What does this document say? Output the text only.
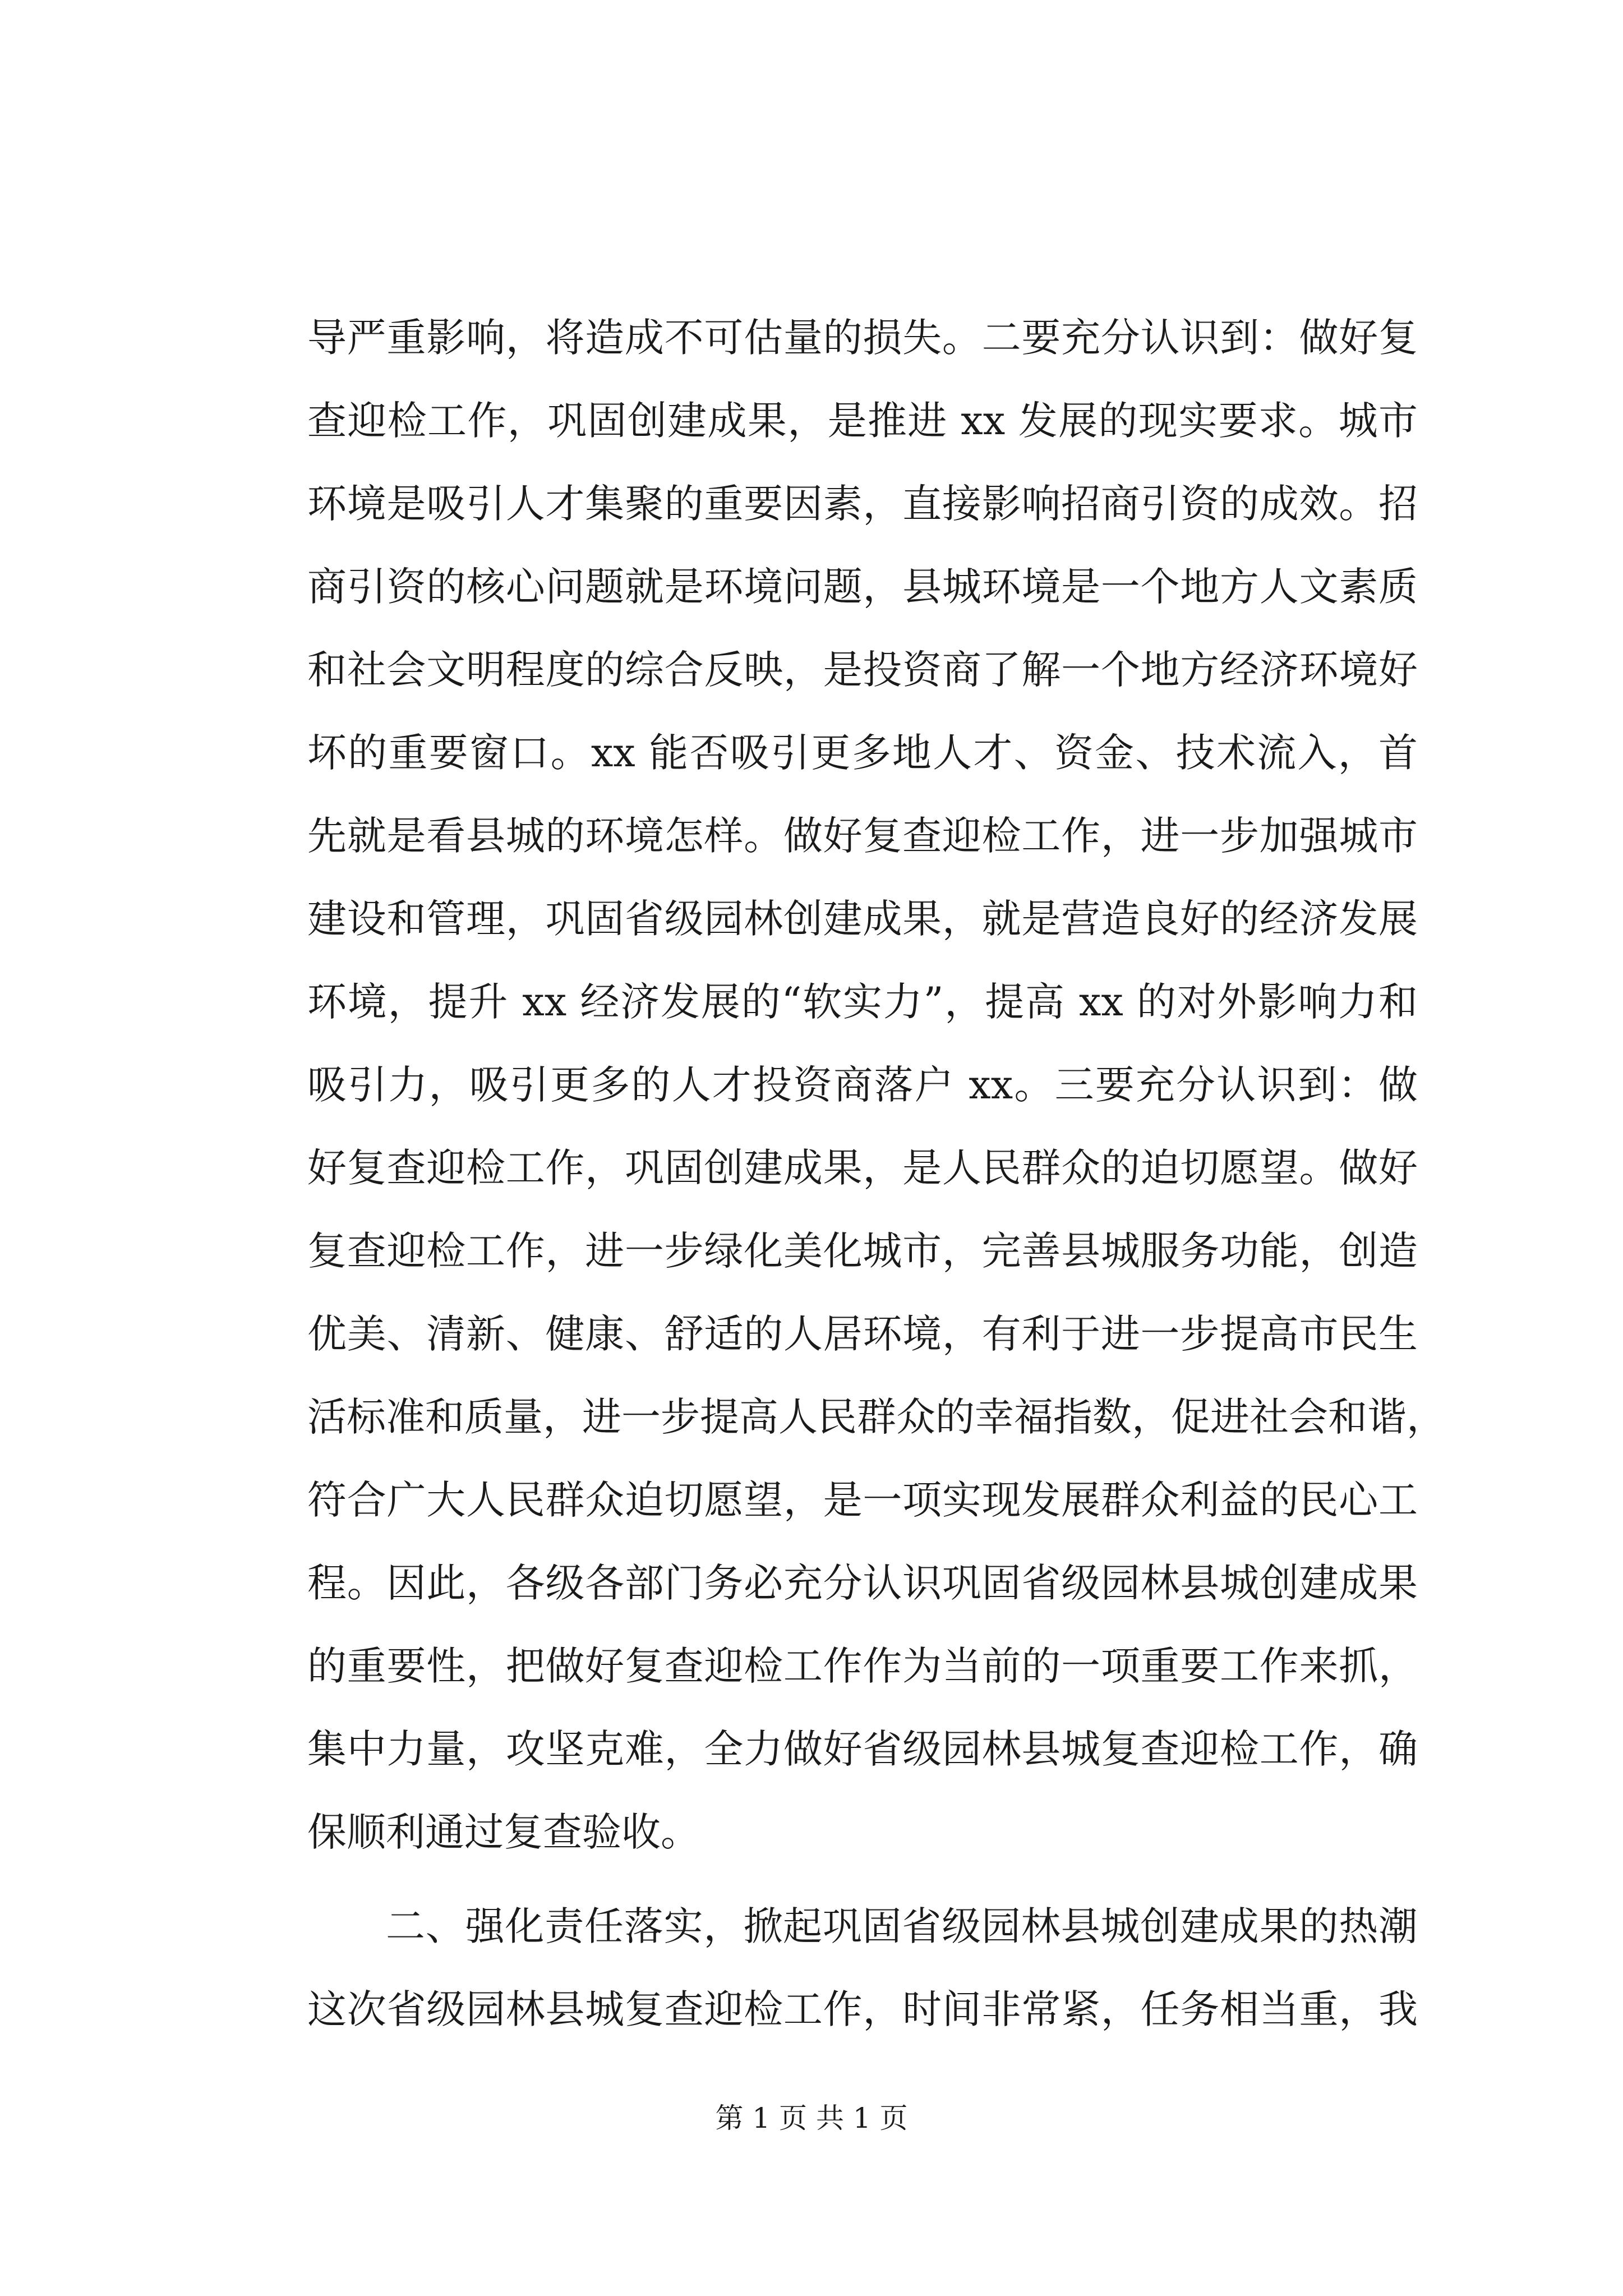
导严重影响，将造成不可估量的损失。二要充分认识到：做好复
查迎检工作，巩固创建成果，是推进 xx 发展的现实要求。城市
环境是吸引人才集聚的重要因素，直接影响招商引资的成效。招
商引资的核心问题就是环境问题，县城环境是一个地方人文素质
和社会文明程度的综合反映，是投资商了解一个地方经济环境好
坏的重要窗口。xx 能否吸引更多地人才、资金、技术流入，首
先就是看县城的环境怎样。做好复查迎检工作，进一步加强城市
建设和管理，巩固省级园林创建成果，就是营造良好的经济发展
环境，提升 xx 经济发展的“软实力”，提高 xx 的对外影响力和
吸引力，吸引更多的人才投资商落户 xx。三要充分认识到：做
好复查迎检工作，巩固创建成果，是人民群众的迫切愿望。做好
复查迎检工作，进一步绿化美化城市，完善县城服务功能，创造
优美、清新、健康、舒适的人居环境，有利于进一步提高市民生
活标准和质量，进一步提高人民群众的幸福指数，促进社会和谐，
符合广大人民群众迫切愿望，是一项实现发展群众利益的民心工
程。因此，各级各部门务必充分认识巩固省级园林县城创建成果
的重要性，把做好复查迎检工作作为当前的一项重要工作来抓，
集中力量，攻坚克难，全力做好省级园林县城复查迎检工作，确
保顺利通过复查验收。
二、强化责任落实，掀起巩固省级园林县城创建成果的热潮
这次省级园林县城复查迎检工作，时间非常紧，任务相当重，我
第 1 页 共 1 页
